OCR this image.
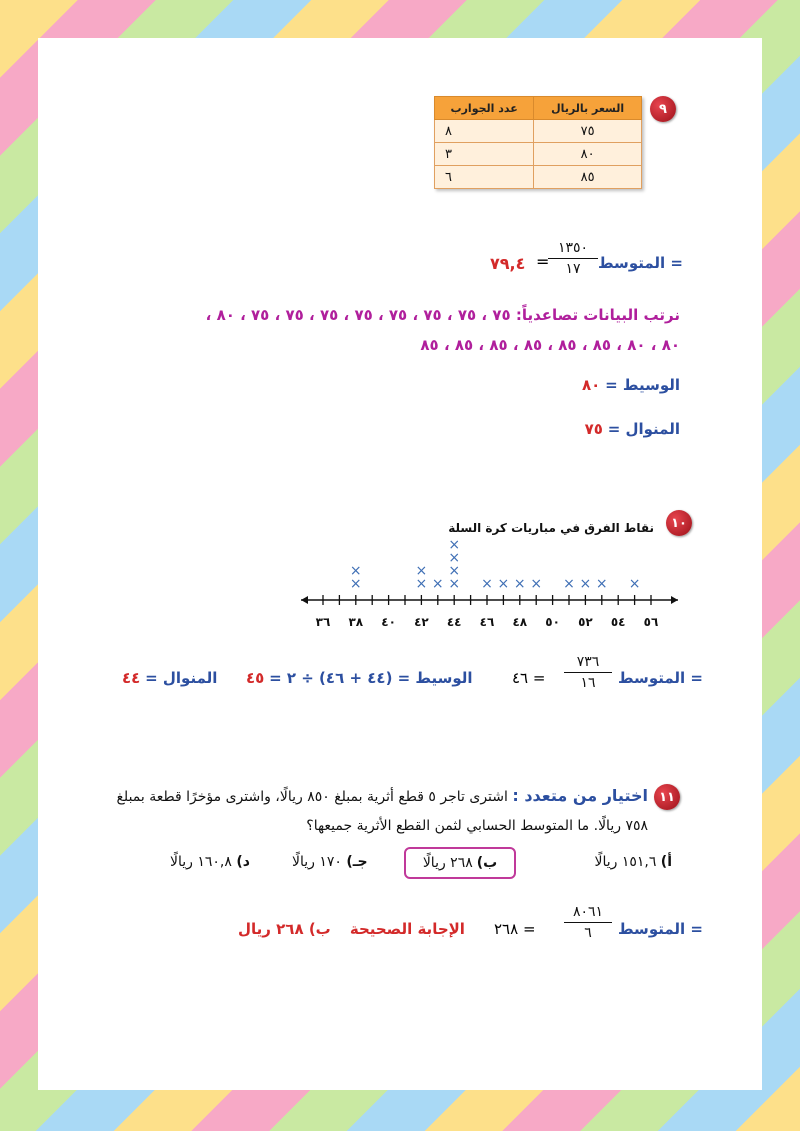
٩
السعر بالريال	عدد الجوارب
٧٥	٨
٨٠	٣
٨٥	٦
المتوسط =
١٣٥٠
١٧
=
٧٩,٤
نرتب البيانات تصاعدياً: ٧٥ ، ٧٥ ، ٧٥ ، ٧٥ ، ٧٥ ، ٧٥ ، ٧٥ ، ٧٥ ، ٨٠ ،
٨٠ ، ٨٠ ، ٨٥ ، ٨٥ ، ٨٥ ، ٨٥ ، ٨٥ ، ٨٥
الوسيط = ٨٠
المنوال = ٧٥
١٠
نقاط الفرق في مباريات كرة السلة
٣٦ ٣٨ ٤٠ ٤٢ ٤٤ ٤٦ ٤٨ ٥٠ ٥٢ ٥٤ ٥٦
×
×
×
×
× ×
×
×
×
× × × × × × × ×
المتوسط =
٧٣٦
١٦
= ٤٦
الوسيط = (٤٤ + ٤٦) ÷ ٢ = ٤٥
المنوال = ٤٤
١١
اختيار من متعدد : اشترى تاجر ٥ قطع أثرية بمبلغ ٨٥٠ ريالًا، واشترى مؤخرًا قطعة بمبلغ
٧٥٨ ريالًا. ما المتوسط الحسابي لثمن القطع الأثرية جميعها؟
أ) ١٥١,٦ ريالًا
ب)
٢٦٨ ريالًا
جـ) ١٧٠ ريالًا
د) ١٦٠,٨ ريالًا
المتوسط =
٨٠٦١
٦
= ٢٦٨
الإجابة الصحيحة    ب) ٢٦٨ ريال
